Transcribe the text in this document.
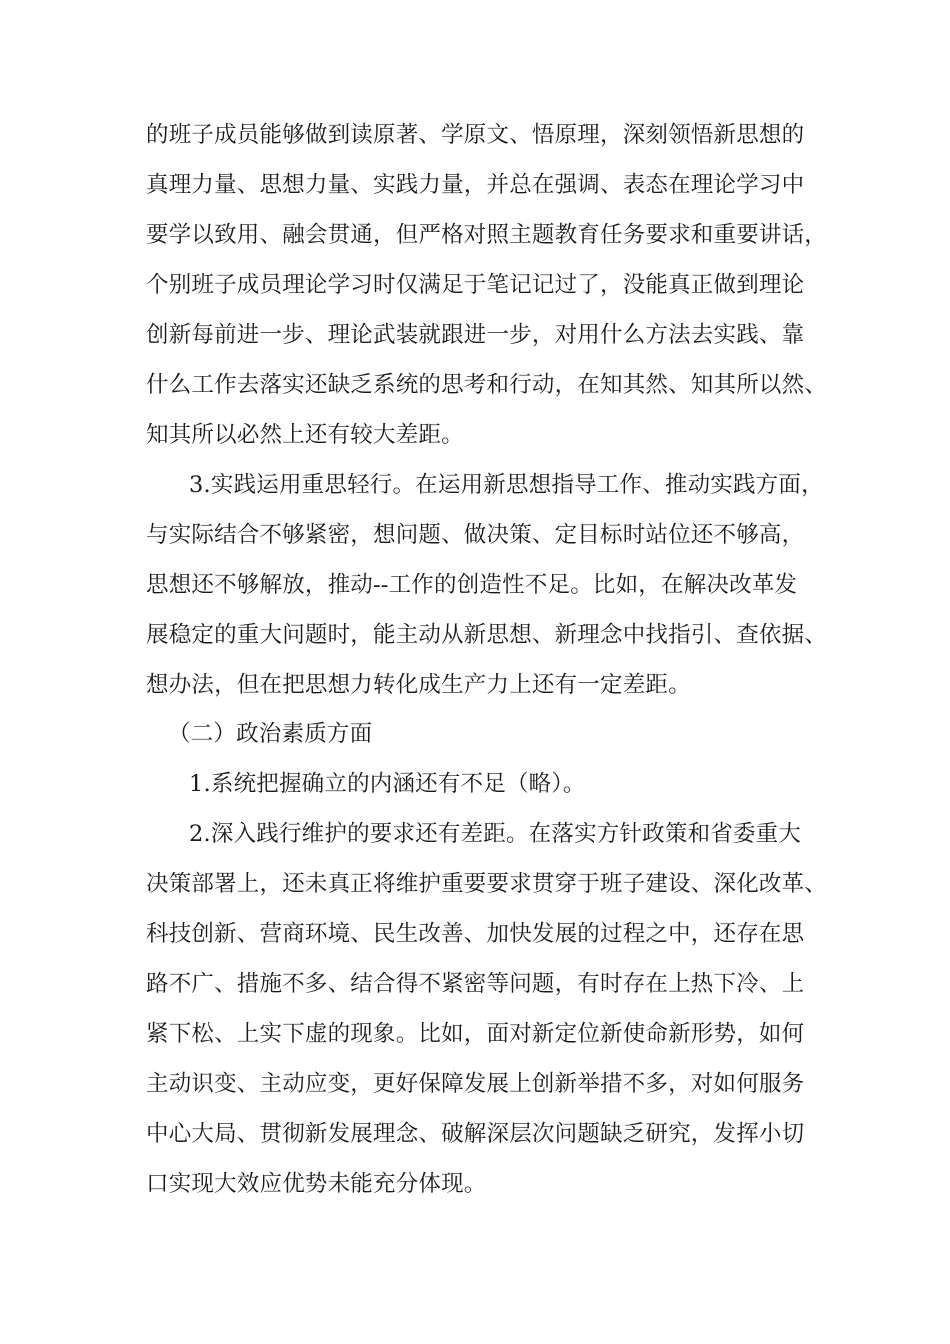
的班子成员能够做到读原著、学原文、悟原理，深刻领悟新思想的
真理力量、思想力量、实践力量，并总在强调、表态在理论学习中
要学以致用、融会贯通，但严格对照主题教育任务要求和重要讲话，
个别班子成员理论学习时仅满足于笔记记过了，没能真正做到理论
创新每前进一步、理论武装就跟进一步，对用什么方法去实践、靠
什么工作去落实还缺乏系统的思考和行动，在知其然、知其所以然、
知其所以必然上还有较大差距。
3.实践运用重思轻行。在运用新思想指导工作、推动实践方面，
与实际结合不够紧密，想问题、做决策、定目标时站位还不够高，
思想还不够解放，推动--工作的创造性不足。比如，在解决改革发
展稳定的重大问题时，能主动从新思想、新理念中找指引、查依据、
想办法，但在把思想力转化成生产力上还有一定差距。
（二）政治素质方面
1.系统把握确立的内涵还有不足（略）。
2.深入践行维护的要求还有差距。在落实方针政策和省委重大
决策部署上，还未真正将维护重要要求贯穿于班子建设、深化改革、
科技创新、营商环境、民生改善、加快发展的过程之中，还存在思
路不广、措施不多、结合得不紧密等问题，有时存在上热下冷、上
紧下松、上实下虚的现象。比如，面对新定位新使命新形势，如何
主动识变、主动应变，更好保障发展上创新举措不多，对如何服务
中心大局、贯彻新发展理念、破解深层次问题缺乏研究，发挥小切
口实现大效应优势未能充分体现。
